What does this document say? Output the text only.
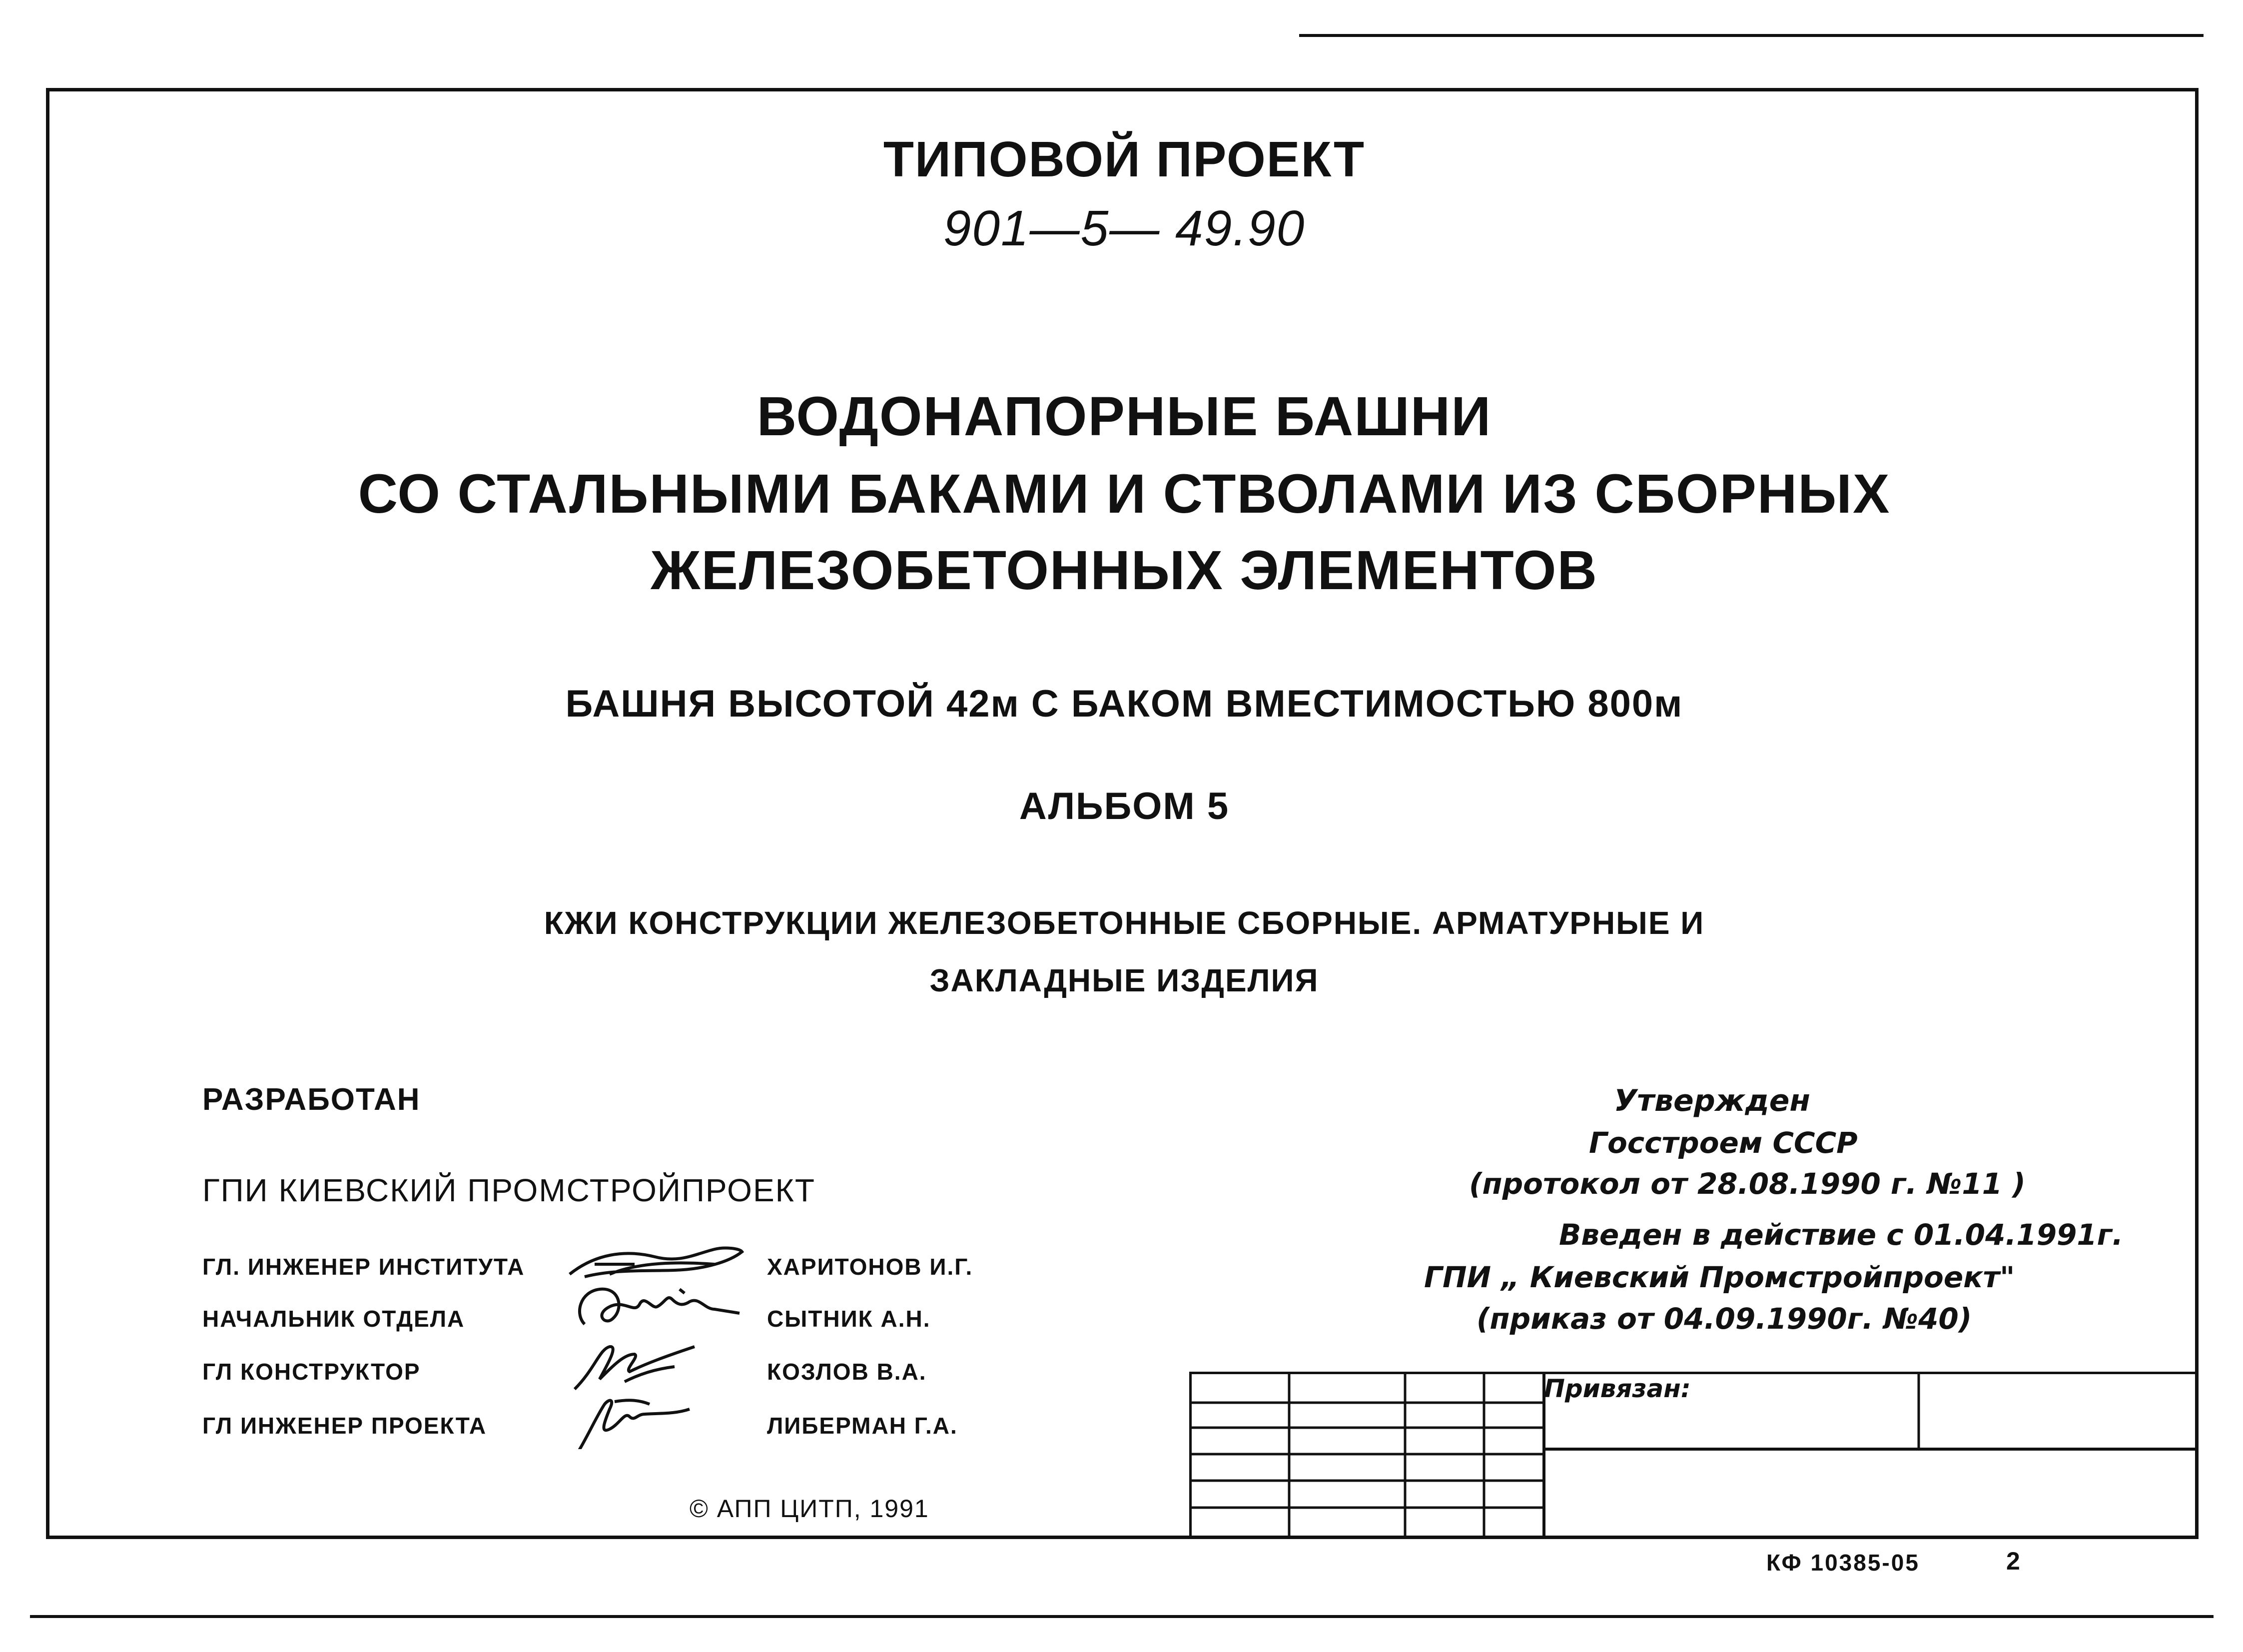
ТИПОВОЙ ПРОЕКТ
901—5— 49.90
ВОДОНАПОРНЫЕ БАШНИ
СО СТАЛЬНЫМИ БАКАМИ И СТВОЛАМИ ИЗ СБОРНЫХ
ЖЕЛЕЗОБЕТОННЫХ ЭЛЕМЕНТОВ
БАШНЯ ВЫСОТОЙ 42м С БАКОМ ВМЕСТИМОСТЬЮ 800м
АЛЬБОМ 5
КЖИ КОНСТРУКЦИИ ЖЕЛЕЗОБЕТОННЫЕ СБОРНЫЕ. АРМАТУРНЫЕ И
ЗАКЛАДНЫЕ ИЗДЕЛИЯ
РАЗРАБОТАН
ГПИ КИЕВСКИЙ ПРОМСТРОЙПРОЕКТ
ГЛ. ИНЖЕНЕР ИНСТИТУТА	ХАРИТОНОВ И.Г.
НАЧАЛЬНИК ОТДЕЛА	СЫТНИК А.Н.
ГЛ КОНСТРУКТОР	КОЗЛОВ В.А.
ГЛ ИНЖЕНЕР ПРОЕКТА	ЛИБЕРМАН Г.А.
© АПП ЦИТП, 1991
Утвержден
Госстроем СССР
(протокол от 28.08.1990 г. №11 )
Введен в действие с 01.04.1991г.
ГПИ „ Киевский Промстройпроект"
(приказ от 04.09.1990г. №40)
Привязан:
КФ 10385-05	2
